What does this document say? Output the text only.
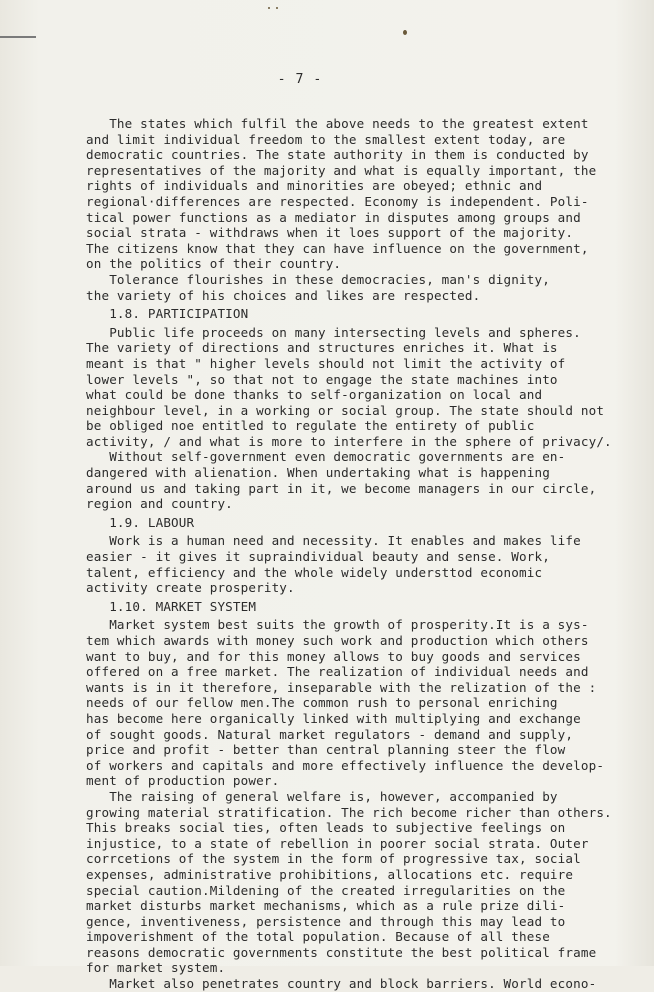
- 7 -
The states which fulfil the above needs to the greatest extent
and limit individual freedom to the smallest extent today, are
democratic countries. The state authority in them is conducted by
representatives of the majority and what is equally important, the
rights of individuals and minorities are obeyed; ethnic and
regional·differences are respected. Economy is independent. Poli-
tical power functions as a mediator in disputes among groups and
social strata - withdraws when it loes support of the majority.
The citizens know that they can have influence on the government,
on the politics of their country.
Tolerance flourishes in these democracies, man's dignity,
the variety of his choices and likes are respected.
1.8. PARTICIPATION
Public life proceeds on many intersecting levels and spheres.
The variety of directions and structures enriches it. What is
meant is that " higher levels should not limit the activity of
lower levels ", so that not to engage the state machines into
what could be done thanks to self-organization on local and
neighbour level, in a working or social group. The state should not
be obliged noe entitled to regulate the entirety of public
activity, / and what is more to interfere in the sphere of privacy/.
Without self-government even democratic governments are en-
dangered with alienation. When undertaking what is happening
around us and taking part in it, we become managers in our circle,
region and country.
1.9. LABOUR
Work is a human need and necessity. It enables and makes life
easier - it gives it supraindividual beauty and sense. Work,
talent, efficiency and the whole widely understtod economic
activity create prosperity.
1.10. MARKET SYSTEM
Market system best suits the growth of prosperity.It is a sys-
tem which awards with money such work and production which others
want to buy, and for this money allows to buy goods and services
offered on a free market. The realization of individual needs and
wants is in it therefore, inseparable with the relization of the :
needs of our fellow men.The common rush to personal enriching
has become here organically linked with multiplying and exchange
of sought goods. Natural market regulators - demand and supply,
price and profit - better than central planning steer the flow
of workers and capitals and more effectively influence the develop-
ment of production power.
The raising of general welfare is, however, accompanied by
growing material stratification. The rich become richer than others.
This breaks social ties, often leads to subjective feelings on
injustice, to a state of rebellion in poorer social strata. Outer
corrcetions of the system in the form of progressive tax, social
expenses, administrative prohibitions, allocations etc. require
special caution.Mildening of the created irregularities on the
market disturbs market mechanisms, which as a rule prize dili-
gence, inventiveness, persistence and through this may lead to
impoverishment of the total population. Because of all these
reasons democratic governments constitute the best political frame
for market system.
Market also penetrates country and block barriers. World econo-
